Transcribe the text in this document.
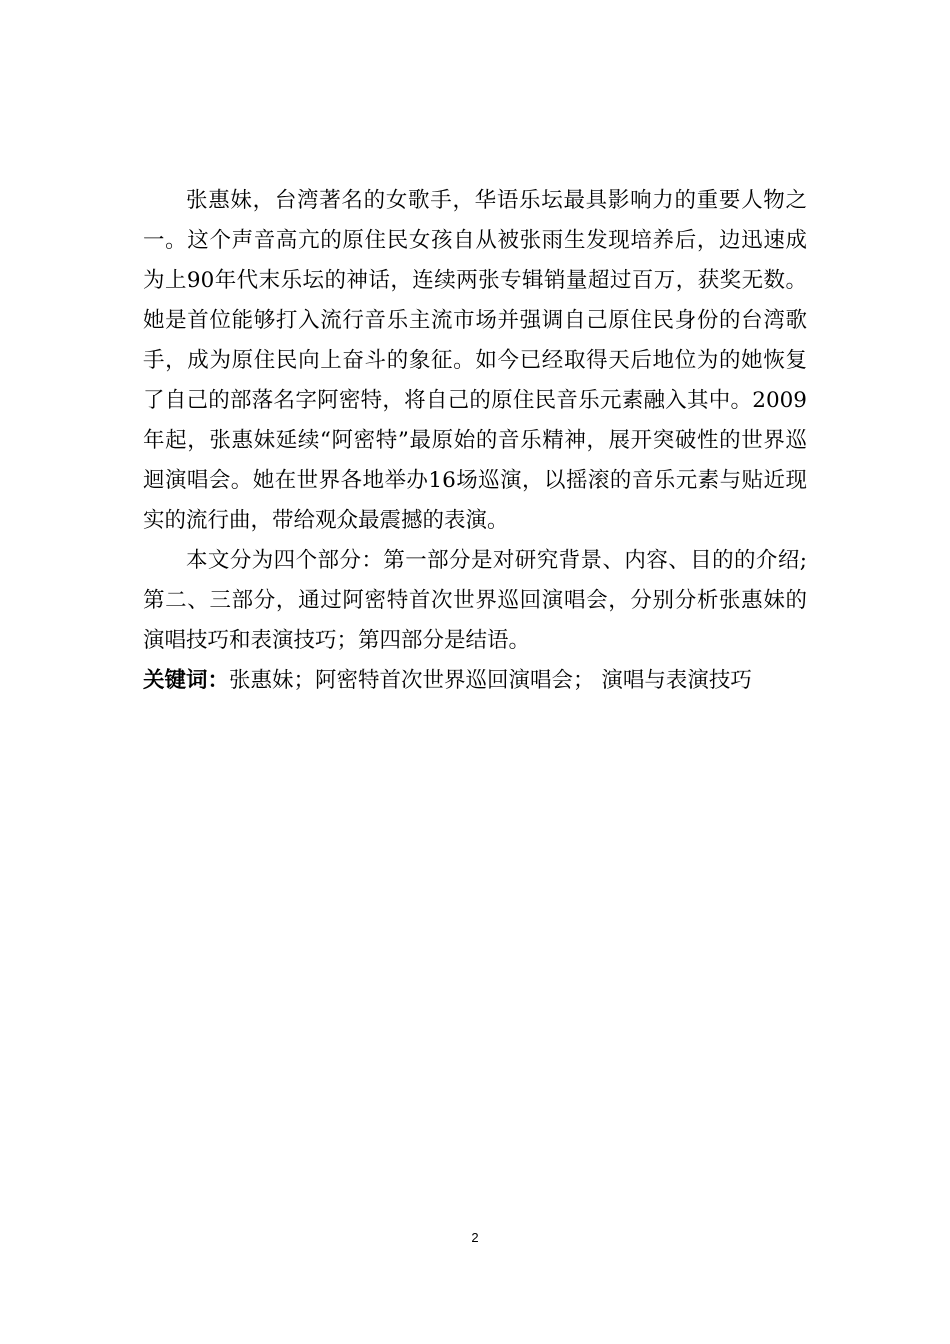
张惠妹，台湾著名的女歌手，华语乐坛最具影响力的重要人物之一。这个声音高亢的原住民女孩自从被张雨生发现培养后，边迅速成为上90年代末乐坛的神话，连续两张专辑销量超过百万，获奖无数。她是首位能够打入流行音乐主流市场并强调自己原住民身份的台湾歌手，成为原住民向上奋斗的象征。如今已经取得天后地位为的她恢复了自己的部落名字阿密特，将自己的原住民音乐元素融入其中。2009年起，张惠妹延续“阿密特”最原始的音乐精神，展开突破性的世界巡迴演唱会。她在世界各地举办16场巡演，以摇滚的音乐元素与贴近现实的流行曲，带给观众最震撼的表演。

本文分为四个部分：第一部分是对研究背景、内容、目的的介绍;第二、三部分，通过阿密特首次世界巡回演唱会，分别分析张惠妹的演唱技巧和表演技巧；第四部分是结语。

关键词：张惠妹；阿密特首次世界巡回演唱会； 演唱与表演技巧

2
